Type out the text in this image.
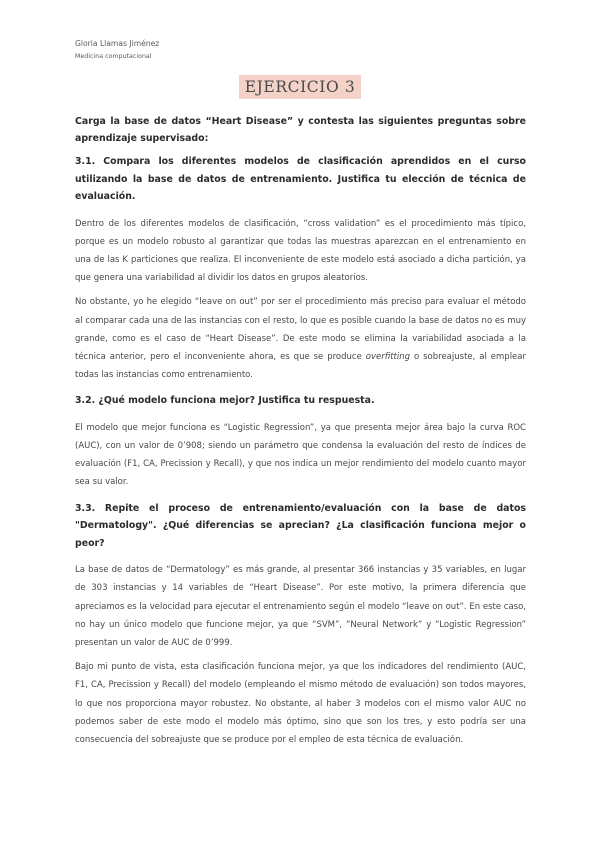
Gloria Llamas Jiménez
Medicina computacional
EJERCICIO 3

Carga la base de datos “Heart Disease” y contesta las siguientes preguntas sobre aprendizaje supervisado:

3.1. Compara los diferentes modelos de clasificación aprendidos en el curso utilizando la base de datos de entrenamiento. Justifica tu elección de técnica de evaluación.

Dentro de los diferentes modelos de clasificación, “cross validation” es el procedimiento más típico, porque es un modelo robusto al garantizar que todas las muestras aparezcan en el entrenamiento en una de las K particiones que realiza. El inconveniente de este modelo está asociado a dicha partición, ya que genera una variabilidad al dividir los datos en grupos aleatorios.

No obstante, yo he elegido “leave on out” por ser el procedimiento más preciso para evaluar el método al comparar cada una de las instancias con el resto, lo que es posible cuando la base de datos no es muy grande, como es el caso de “Heart Disease”. De este modo se elimina la variabilidad asociada a la técnica anterior, pero el inconveniente ahora, es que se produce overfitting o sobreajuste, al emplear todas las instancias como entrenamiento.

3.2. ¿Qué modelo funciona mejor? Justifica tu respuesta.

El modelo que mejor funciona es “Logistic Regression”, ya que presenta mejor área bajo la curva ROC (AUC), con un valor de 0’908; siendo un parámetro que condensa la evaluación del resto de índices de evaluación (F1, CA, Precission y Recall), y que nos indica un mejor rendimiento del modelo cuanto mayor sea su valor.

3.3. Repite el proceso de entrenamiento/evaluación con la base de datos "Dermatology". ¿Qué diferencias se aprecian? ¿La clasificación funciona mejor o peor?

La base de datos de “Dermatology” es más grande, al presentar 366 instancias y 35 variables, en lugar de 303 instancias y 14 variables de “Heart Disease”. Por este motivo, la primera diferencia que apreciamos es la velocidad para ejecutar el entrenamiento según el modelo “leave on out”. En este caso, no hay un único modelo que funcione mejor, ya que “SVM”, “Neural Network” y “Logistic Regression” presentan un valor de AUC de 0’999.

Bajo mi punto de vista, esta clasificación funciona mejor, ya que los indicadores del rendimiento (AUC, F1, CA, Precission y Recall) del modelo (empleando el mismo método de evaluación) son todos mayores, lo que nos proporciona mayor robustez. No obstante, al haber 3 modelos con el mismo valor AUC no podemos saber de este modo el modelo más óptimo, sino que son los tres, y esto podría ser una consecuencia del sobreajuste que se produce por el empleo de esta técnica de evaluación.
